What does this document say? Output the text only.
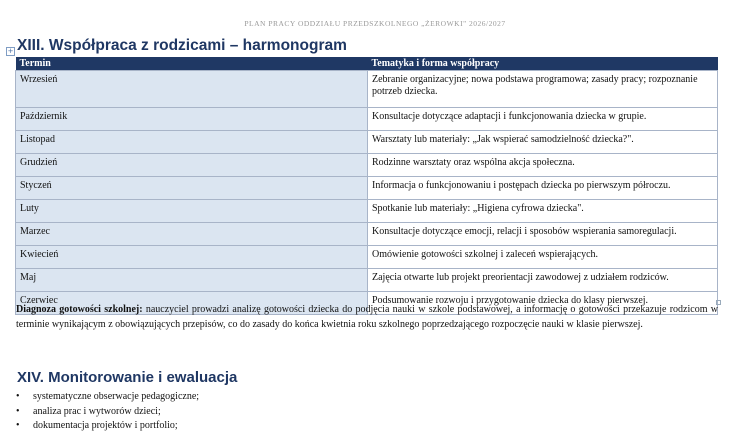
PLAN PRACY ODDZIAŁU PRZEDSZKOLNEGO „ŻEROWKI" 2026/2027
+ XIII. Współpraca z rodzicami – harmonogram
Termin	Tematyka i forma współpracy
Wrzesień	Zebranie organizacyjne; nowa podstawa programowa; zasady pracy; rozpoznanie potrzeb dziecka.
Październik	Konsultacje dotyczące adaptacji i funkcjonowania dziecka w grupie.
Listopad	Warsztaty lub materiały: „Jak wspierać samodzielność dziecka?".
Grudzień	Rodzinne warsztaty oraz wspólna akcja społeczna.
Styczeń	Informacja o funkcjonowaniu i postępach dziecka po pierwszym półroczu.
Luty	Spotkanie lub materiały: „Higiena cyfrowa dziecka".
Marzec	Konsultacje dotyczące emocji, relacji i sposobów wspierania samoregulacji.
Kwiecień	Omówienie gotowości szkolnej i zaleceń wspierających.
Maj	Zajęcia otwarte lub projekt preorientacji zawodowej z udziałem rodziców.
Czerwiec	Podsumowanie rozwoju i przygotowanie dziecka do klasy pierwszej.

Diagnoza gotowości szkolnej: nauczyciel prowadzi analizę gotowości dziecka do podjęcia nauki w szkole podstawowej, a informację o gotowości przekazuje rodzicom w terminie wynikającym z obowiązujących przepisów, co do zasady do końca kwietnia roku szkolnego poprzedzającego rozpoczęcie nauki w klasie pierwszej.

XIV. Monitorowanie i ewaluacja
• systematyczne obserwacje pedagogiczne;
• analiza prac i wytworów dzieci;
• dokumentacja projektów i portfolio;
